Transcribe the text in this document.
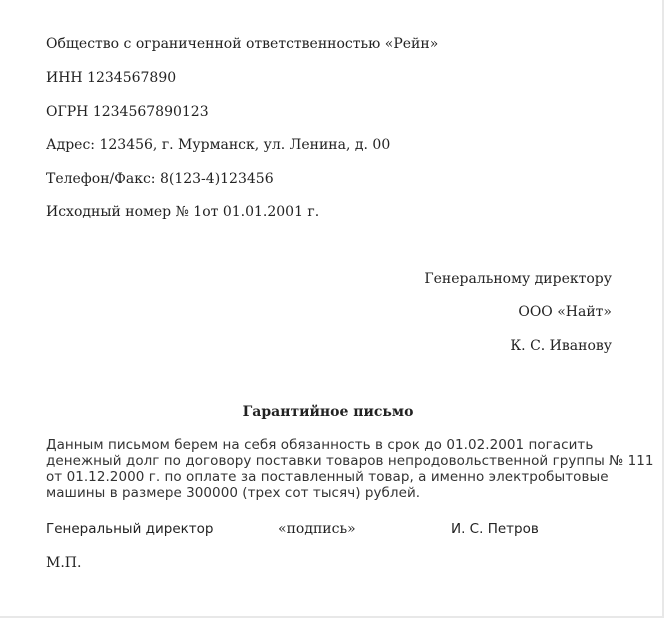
Общество с ограниченной ответственностью «Рейн»
ИНН 1234567890
ОГРН 1234567890123
Адрес: 123456, г. Мурманск, ул. Ленина, д. 00
Телефон/Факс: 8(123-4)123456
Исходный номер № 1от 01.01.2001 г.
Генеральному директору
ООО «Найт»
К. С. Иванову
Гарантийное письмо
Данным письмом берем на себя обязанность в срок до 01.02.2001 погасить
денежный долг по договору поставки товаров непродовольственной группы № 111
от 01.12.2000 г. по оплате за поставленный товар, а именно электробытовые
машины в размере 300000 (трех сот тысяч) рублей.
Генеральный директор	«подпись»	И. С. Петров
М.П.
